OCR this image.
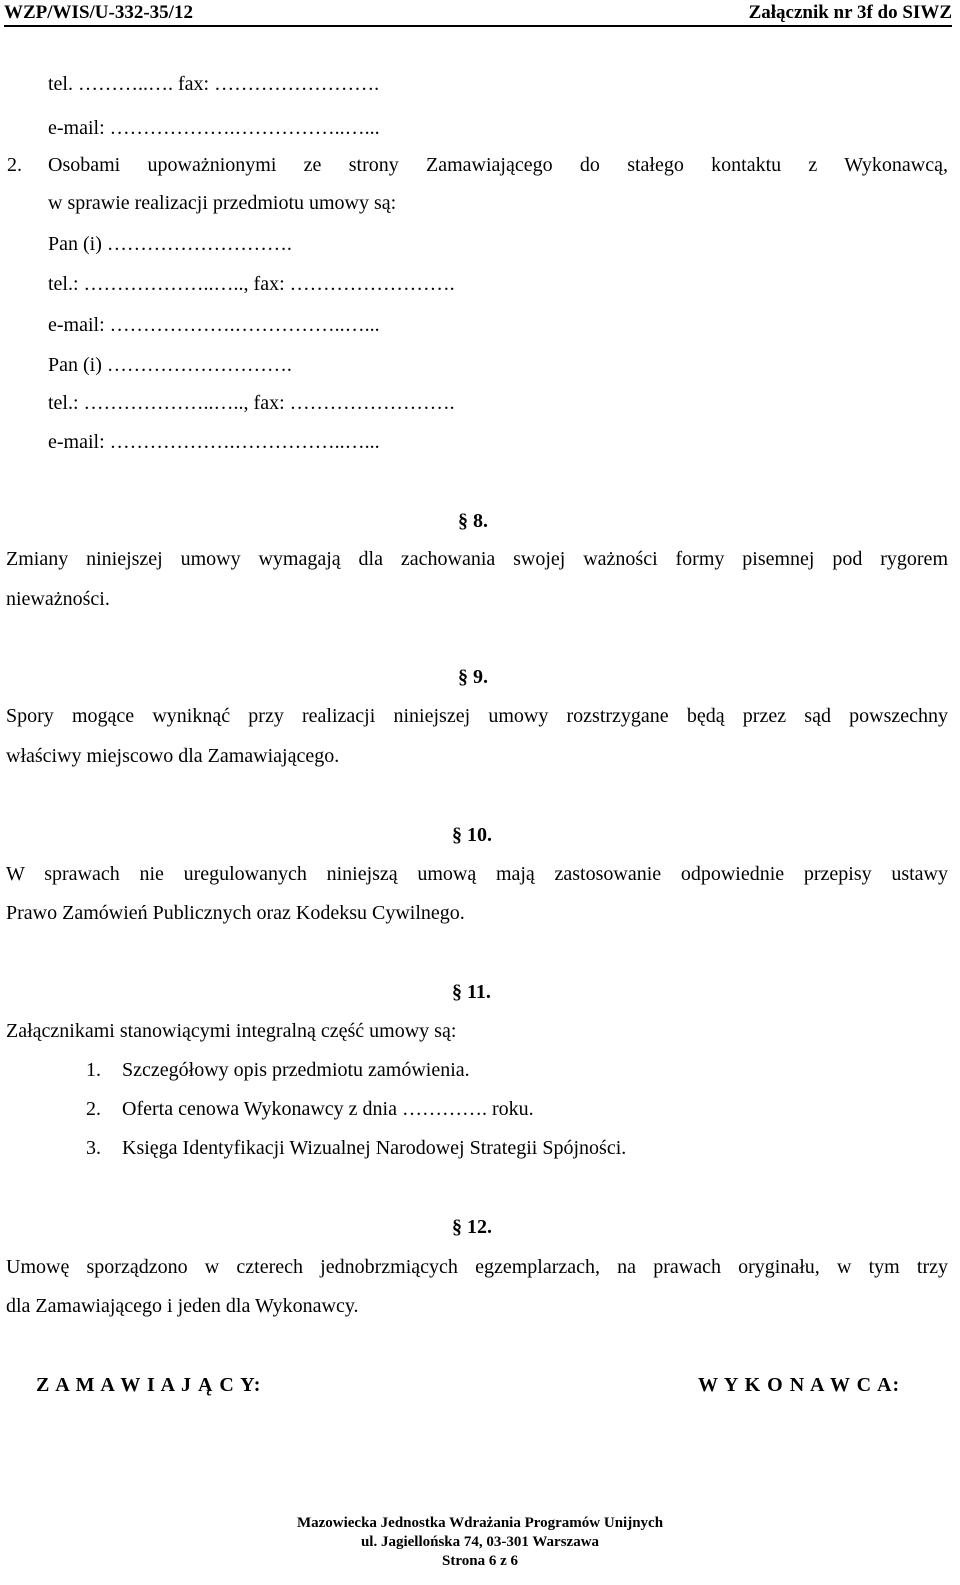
WZP/WIS/U-332-35/12	Załącznik nr 3f do SIWZ
tel. ………..…. fax: …………………….
e-mail: ……………….……………..…...
2. Osobami upoważnionymi ze strony Zamawiającego do stałego kontaktu z Wykonawcą,
w sprawie realizacji przedmiotu umowy są:
Pan (i) ……………………….
tel.: ………………..….., fax: …………………….
e-mail: ……………….……………..…...
Pan (i) ……………………….
tel.: ………………..….., fax: …………………….
e-mail: ……………….……………..…...
§ 8.
Zmiany niniejszej umowy wymagają dla zachowania swojej ważności formy pisemnej pod rygorem
nieważności.
§ 9.
Spory mogące wyniknąć przy realizacji niniejszej umowy rozstrzygane będą przez sąd powszechny
właściwy miejscowo dla Zamawiającego.
§ 10.
W sprawach nie uregulowanych niniejszą umową mają zastosowanie odpowiednie przepisy ustawy
Prawo Zamówień Publicznych oraz Kodeksu Cywilnego.
§ 11.
Załącznikami stanowiącymi integralną część umowy są:
1. Szczegółowy opis przedmiotu zamówienia.
2. Oferta cenowa Wykonawcy z dnia …………. roku.
3. Księga Identyfikacji Wizualnej Narodowej Strategii Spójności.
§ 12.
Umowę sporządzono w czterech jednobrzmiących egzemplarzach, na prawach oryginału, w tym trzy
dla Zamawiającego i jeden dla Wykonawcy.
Z A M A W I A J Ą C Y:	W Y K O N A W C A:
Mazowiecka Jednostka Wdrażania Programów Unijnych
ul. Jagiellońska 74, 03-301 Warszawa
Strona 6 z 6
